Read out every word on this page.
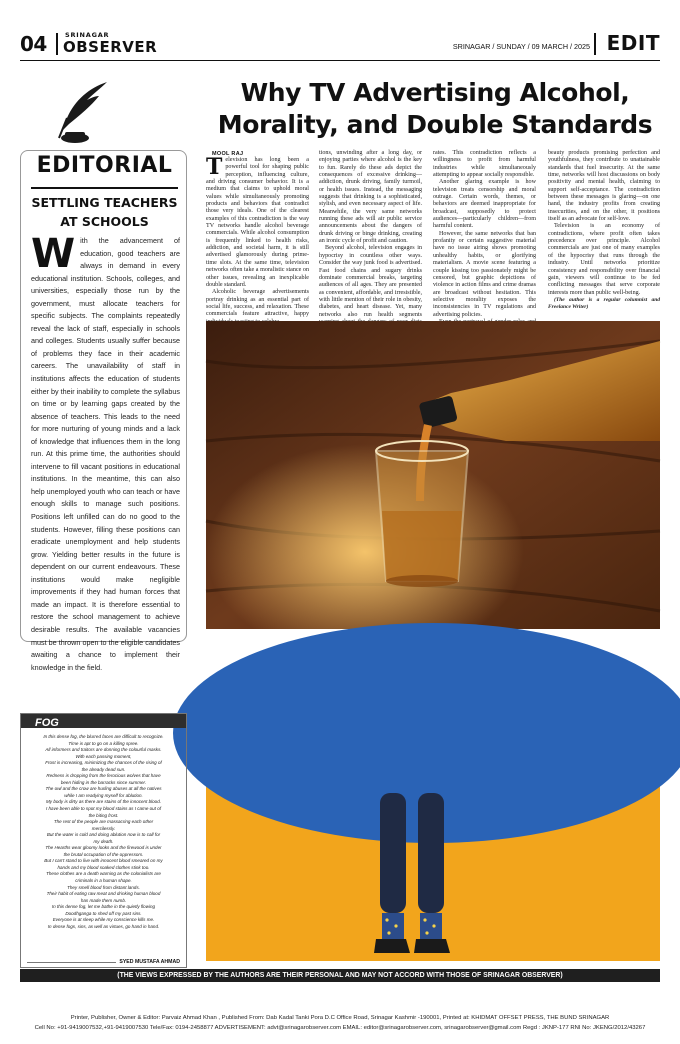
04	SRINAGAR
OBSERVER	SRINAGAR / SUNDAY / 09 MARCH / 2025 EDIT
EDITORIAL
SETTLING TEACHERS
AT SCHOOLS
With the advancement of education, good teachers are always in demand in every educational institution. Schools, colleges, and universities, especially those run by the government, must allocate teachers for specific subjects. The complaints repeatedly reveal the lack of staff, especially in schools and colleges. Students usually suffer because of problems they face in their academic careers. The unavailability of staff in institutions affects the education of students either by their inability to complete the syllabus on time or by learning gaps created by the absence of teachers. This leads to the need for more nurturing of young minds and a lack of knowledge that influences them in the long run. At this prime time, the authorities should intervene to fill vacant positions in educational institutions. In the meantime, this can also help unemployed youth who can teach or have enough skills to manage such positions. Positions left unfilled can do no good to the students. However, filling these positions can eradicate unemployment and help students grow. Yielding better results in the future is dependent on our current endeavours. These institutions would make negligible improvements if they had human forces that made an impact. It is therefore essential to restore the school management to achieve desirable results. The available vacancies must be thrown open to the eligible candidates awaiting a chance to implement their knowledge in the field.
Why TV Advertising Alcohol,
Morality, and Double Standards
MOOL RAJ

Television has long been a powerful tool for shaping public perception, influencing culture, and driving consumer behavior. It is a medium that claims to uphold moral values while simultaneously promoting products and behaviors that contradict those very ideals. One of the clearest examples of this contradiction is the way TV networks handle alcohol beverage commercials. While alcohol consumption is frequently linked to health risks, addiction, and societal harm, it is still advertised glamorously during prime-time slots. At the same time, television networks often take a moralistic stance on other issues, revealing an inexplicable double standard.

Alcoholic beverage advertisements portray drinking as an essential part of social life, success, and relaxation. These commercials feature attractive, happy

tions, unwinding after a long day, or enjoying parties where alcohol is the key to fun. Rarely do these ads depict the consequences of excessive drinking—addiction, drunk driving, family turmoil, or health issues. Instead, the messaging suggests that drinking is a sophisticated, stylish, and even necessary aspect of life. Meanwhile, the very same networks running these ads will air public service announcements about the dangers of drunk driving or binge drinking, creating an ironic cycle of profit and caution.

Beyond alcohol, television engages in hypocrisy in countless other ways. Consider the way junk food is advertised. Fast food chains and sugary drinks dominate commercial breaks, targeting audiences of all ages. They are presented as convenient, affordable, and irresistible, with little mention of their role in obesity, diabetes, and heart disease. Yet, many networks also run health segments

rates. This contradiction reflects a willingness to profit from harmful industries while simultaneously attempting to appear socially responsible.

Another glaring example is how television treats censorship and moral outrage. Certain words, themes, or behaviors are deemed inappropriate for broadcast, supposedly to protect audiences—particularly children—from harmful content.

However, the same networks that ban profanity or certain suggestive material have no issue airing shows promoting unhealthy habits, or glorifying materialism. A movie scene featuring a couple kissing too passionately might be censored, but graphic depictions of violence in action films and crime dramas are broadcast without hesitation. This selective morality exposes the inconsistencies in TV regulations and advertising policies.

beauty products promising perfection and youthfulness, they contribute to unattainable standards that fuel insecurity. At the same time, networks will host discussions on body positivity and mental health, claiming to support self-acceptance. The contradiction between these messages is glaring—on one hand, the industry profits from creating insecurities, and on the other, it positions itself as an advocate for self-love.

Television is an economy of contradictions, where profit often takes precedence over principle. Alcohol commercials are just one of many examples of the hypocrisy that runs through the industry. Until networks prioritize consistency and responsibility over financial gain, viewers will continue to be fed conflicting messages that serve corporate interests more than public well-being.

(The author is a regular columnist and Freelance Writer)

FOG
In this dense fog, the blurred faces are difficult to recognize.
Time is apt to go on a killing spree.
All informers and traitors are donning the colourful masks.
With each passing moment,
Frost is increasing, minimizing the chances of the rising of
the already dead sun.
Redness is dropping from the ferocious wolves that have
been hiding in the barracks since summer.
The owl and the crow are hurling abuses at all the natives
while I am readying myself for ablution.
My body is dirty as there are stains of the innocent blood.
I have been able to spot my blood stains as I came out of
the biting frost.
The rest of the people are massacring each other
mercilessly.
But the water is cold and doing ablution now is to call for
my death.
The Hearths wear gloomy looks and the firewood is under
the brutal occupation of the oppressors.
But I can't stand to live with innocent blood smeared on my
hands and my blood soaked clothes stink too.
These clothes are a death warning as the colonialists are
criminals in a human shape.
They smell blood from distant lands.
Their habit of eating raw meat and drinking human blood
has made them numb.
In this dense fog, let me bathe in the quietly flowing
Doodhganga to shed off my past sins.
Everyone is at sleep while my conscience kills me.
In dense fogs, sins, as well as virtues, go hand in hand.
SYED MUSTAFA AHMAD
(THE VIEWS EXPRESSED BY THE AUTHORS ARE THEIR PERSONAL AND MAY NOT ACCORD WITH THOSE OF SRINAGAR OBSERVER)
Printer, Publisher, Owner & Editor: Parvaiz Ahmad Khan , Published From: Dab Kadal Tanki Pora D.C Office Road, Srinagar Kashmir -190001, Printed at: KHIDMAT OFFSET PRESS, THE BUND SRINAGAR
Cell No: +91-9419007532,+91-9419007530 Tele/Fax: 0194-2458877 ADVERTISEMENT: advt@srinagarobserver.com EMAIL: editor@srinagarobserver.com, srinagarobserver@gmail.com Regd : JKNP-177 RNI No: JKENG/2012/43267
